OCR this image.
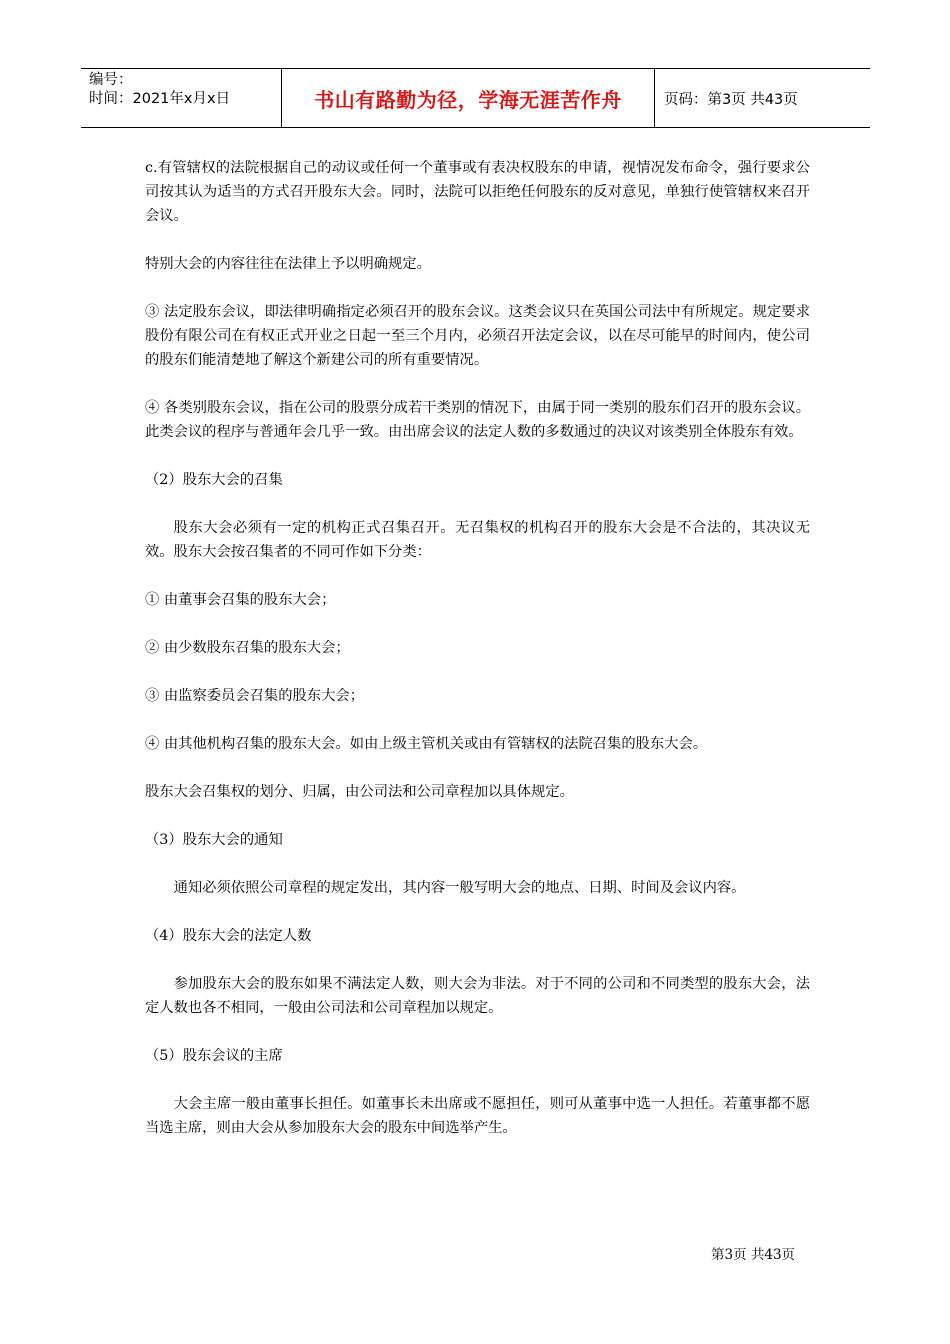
编号：
时间：2021年x月x日	书山有路勤为径，学海无涯苦作舟	页码：第3页 共43页

c.有管辖权的法院根据自己的动议或任何一个董事或有表决权股东的申请，视情况发布命令，强行要求公司按其认为适当的方式召开股东大会。同时，法院可以拒绝任何股东的反对意见，单独行使管辖权来召开会议。

特别大会的内容往往在法律上予以明确规定。

③ 法定股东会议，即法律明确指定必须召开的股东会议。这类会议只在英国公司法中有所规定。规定要求股份有限公司在有权正式开业之日起一至三个月内，必须召开法定会议，以在尽可能早的时间内，使公司的股东们能清楚地了解这个新建公司的所有重要情况。

④ 各类别股东会议，指在公司的股票分成若干类别的情况下，由属于同一类别的股东们召开的股东会议。此类会议的程序与普通年会几乎一致。由出席会议的法定人数的多数通过的决议对该类别全体股东有效。

（2）股东大会的召集

股东大会必须有一定的机构正式召集召开。无召集权的机构召开的股东大会是不合法的，其决议无效。股东大会按召集者的不同可作如下分类：

① 由董事会召集的股东大会；

② 由少数股东召集的股东大会；

③ 由监察委员会召集的股东大会；

④ 由其他机构召集的股东大会。如由上级主管机关或由有管辖权的法院召集的股东大会。

股东大会召集权的划分、归属，由公司法和公司章程加以具体规定。

（3）股东大会的通知

通知必须依照公司章程的规定发出，其内容一般写明大会的地点、日期、时间及会议内容。

（4）股东大会的法定人数

参加股东大会的股东如果不满法定人数，则大会为非法。对于不同的公司和不同类型的股东大会，法定人数也各不相同，一般由公司法和公司章程加以规定。

（5）股东会议的主席

大会主席一般由董事长担任。如董事长未出席或不愿担任，则可从董事中选一人担任。若董事都不愿当选主席，则由大会从参加股东大会的股东中间选举产生。

第3页 共43页
